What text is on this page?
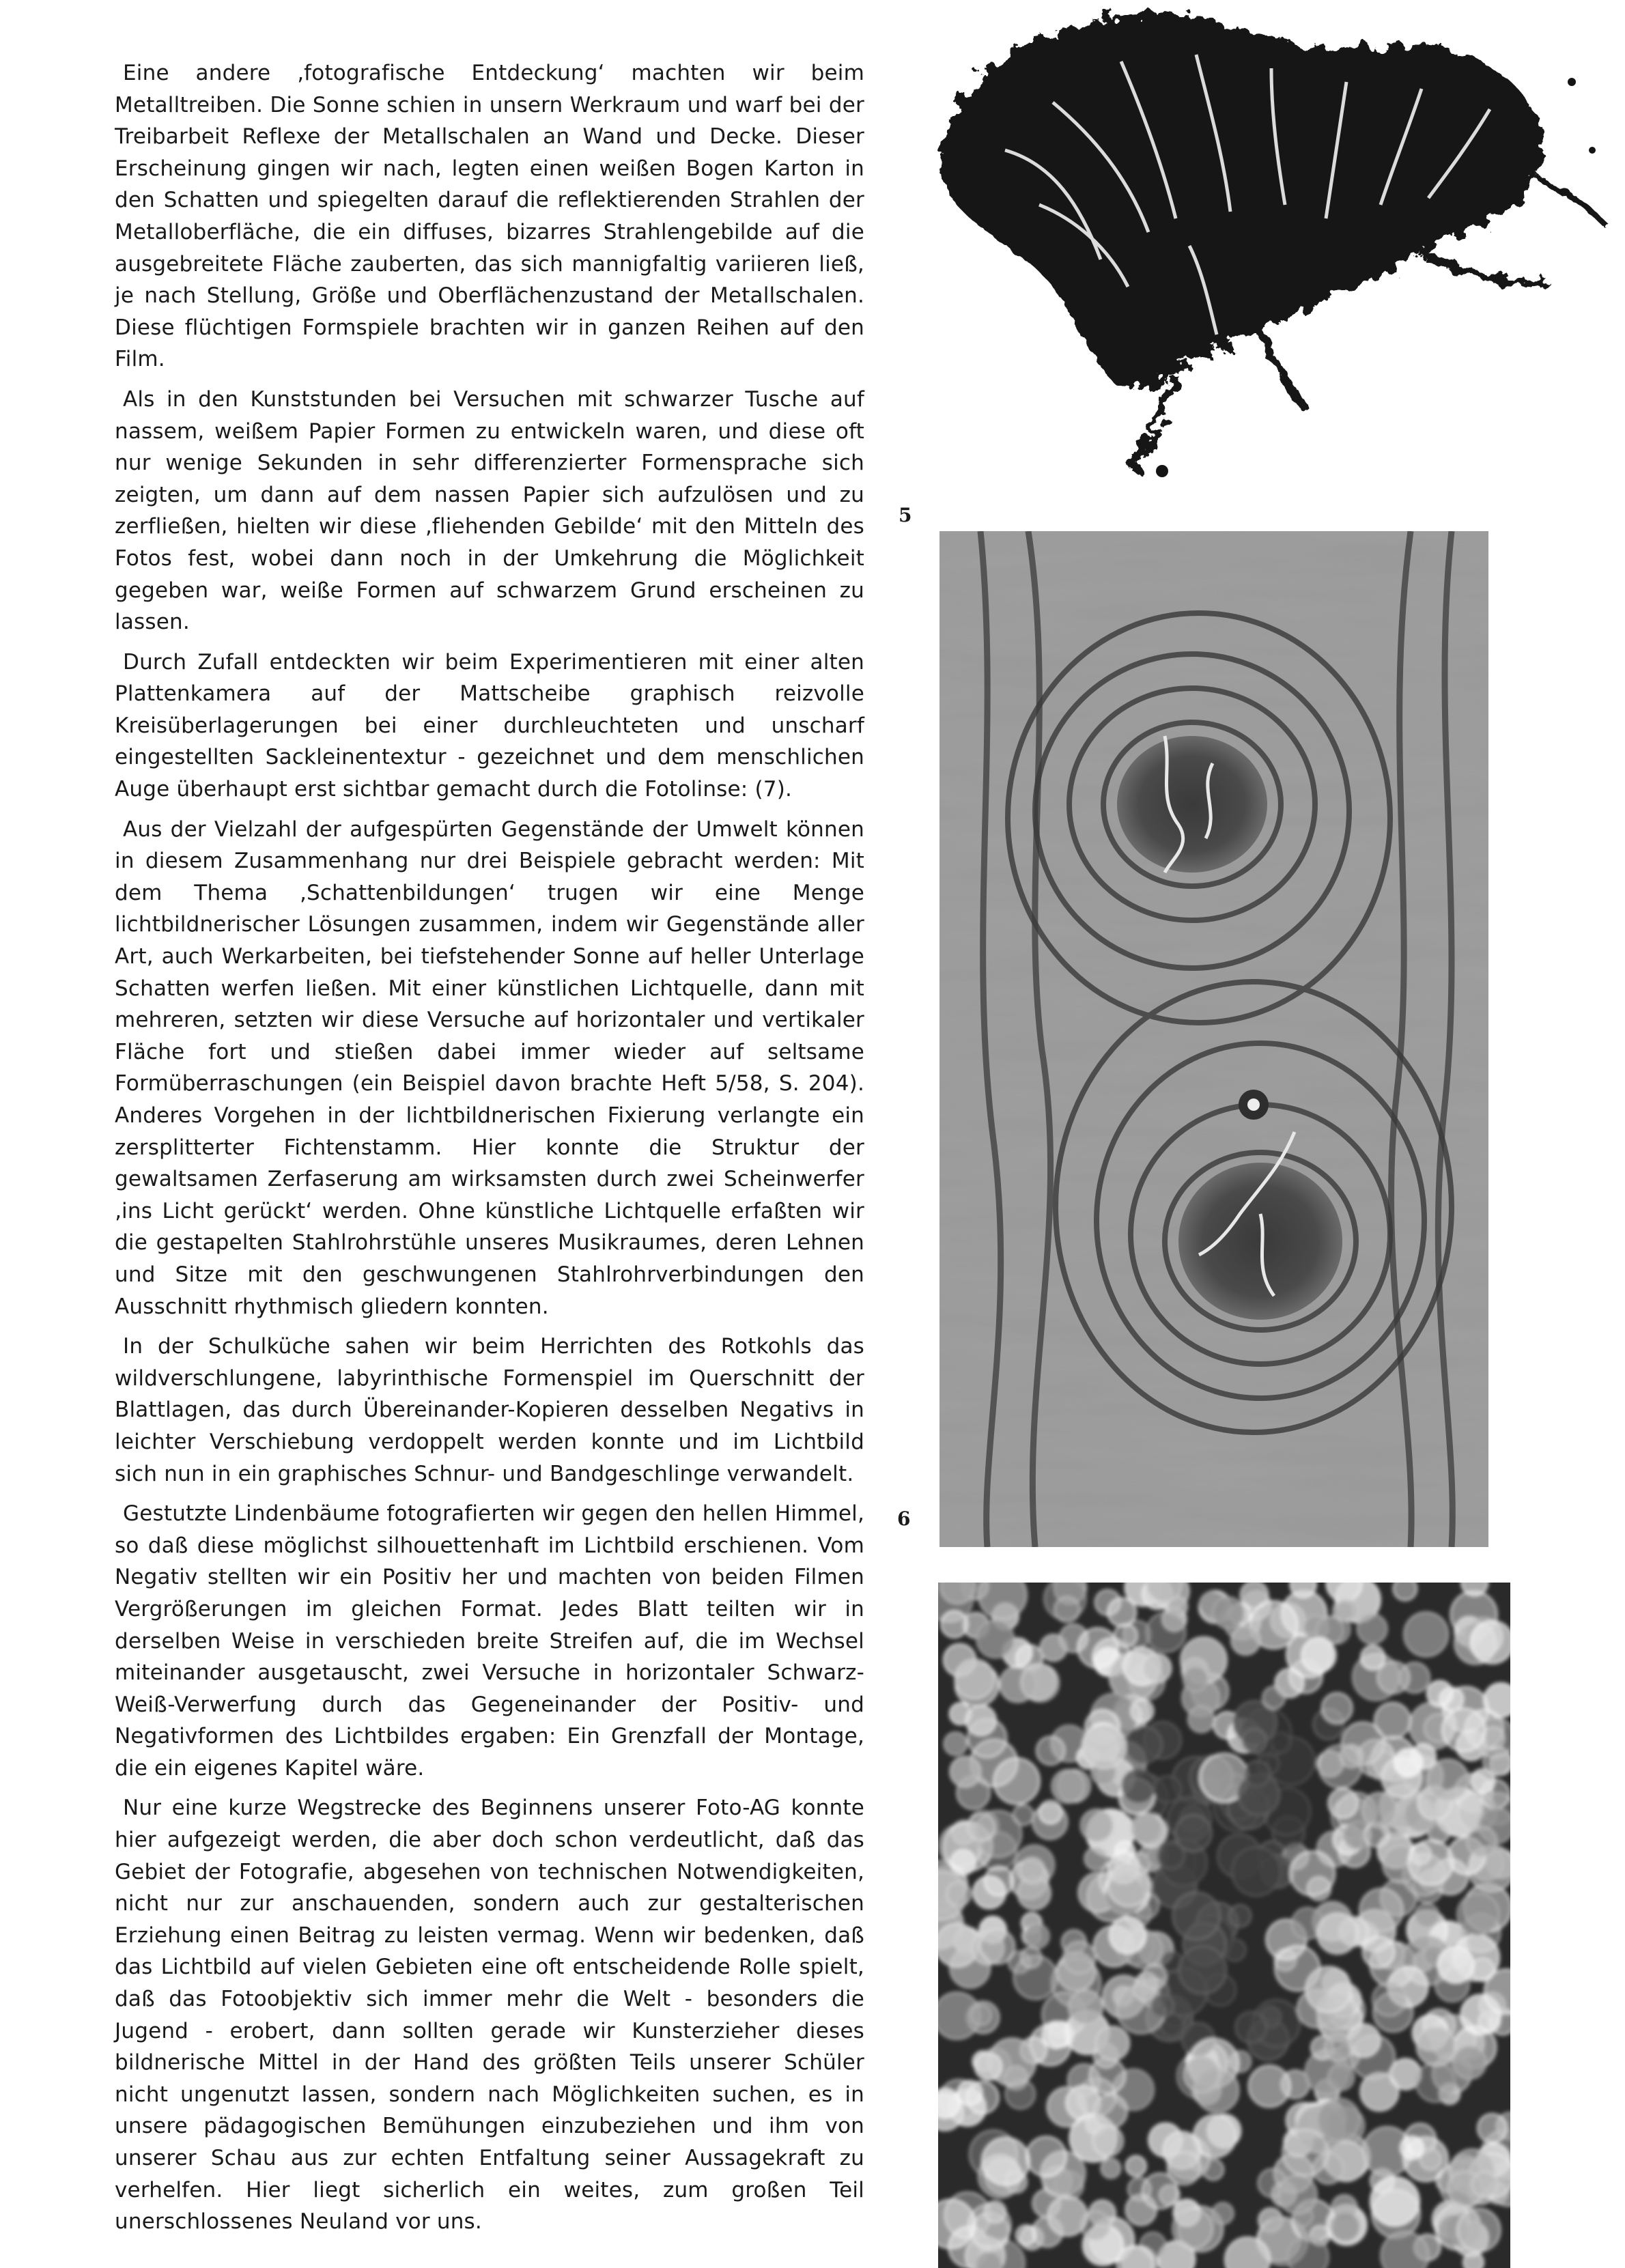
Eine andere ‚fotografische Entdeckung‘ machten wir beim Metalltreiben. Die Sonne schien in unsern Werkraum und warf bei der Treibarbeit Reflexe der Metallschalen an Wand und Decke. Dieser Erscheinung gingen wir nach, legten einen weißen Bogen Karton in den Schatten und spiegelten darauf die reflektierenden Strahlen der Metalloberfläche, die ein diffuses, bizarres Strahlengebilde auf die ausgebreitete Fläche zauberten, das sich mannigfaltig variieren ließ, je nach Stellung, Größe und Oberflächenzustand der Metallschalen. Diese flüchtigen Formspiele brachten wir in ganzen Reihen auf den Film.

Als in den Kunststunden bei Versuchen mit schwarzer Tusche auf nassem, weißem Papier Formen zu entwickeln waren, und diese oft nur wenige Sekunden in sehr differenzierter Formensprache sich zeigten, um dann auf dem nassen Papier sich aufzulösen und zu zerfließen, hielten wir diese ‚fliehenden Gebilde‘ mit den Mitteln des Fotos fest, wobei dann noch in der Umkehrung die Möglichkeit gegeben war, weiße Formen auf schwarzem Grund erscheinen zu lassen.

Durch Zufall entdeckten wir beim Experimentieren mit einer alten Plattenkamera auf der Mattscheibe graphisch reizvolle Kreisüberlagerungen bei einer durchleuchteten und unscharf eingestellten Sackleinentextur - gezeichnet und dem menschlichen Auge überhaupt erst sichtbar gemacht durch die Fotolinse: (7).

Aus der Vielzahl der aufgespürten Gegenstände der Umwelt können in diesem Zusammenhang nur drei Beispiele gebracht werden: Mit dem Thema ‚Schattenbildungen‘ trugen wir eine Menge lichtbildnerischer Lösungen zusammen, indem wir Gegenstände aller Art, auch Werkarbeiten, bei tiefstehender Sonne auf heller Unterlage Schatten werfen ließen. Mit einer künstlichen Lichtquelle, dann mit mehreren, setzten wir diese Versuche auf horizontaler und vertikaler Fläche fort und stießen dabei immer wieder auf seltsame Formüberraschungen (ein Beispiel davon brachte Heft 5/58, S. 204). Anderes Vorgehen in der lichtbildnerischen Fixierung verlangte ein zersplitterter Fichtenstamm. Hier konnte die Struktur der gewaltsamen Zerfaserung am wirksamsten durch zwei Scheinwerfer ‚ins Licht gerückt‘ werden. Ohne künstliche Lichtquelle erfaßten wir die gestapelten Stahlrohrstühle unseres Musikraumes, deren Lehnen und Sitze mit den geschwungenen Stahlrohrverbindungen den Ausschnitt rhythmisch gliedern konnten.

In der Schulküche sahen wir beim Herrichten des Rotkohls das wildverschlungene, labyrinthische Formenspiel im Querschnitt der Blattlagen, das durch Übereinander-Kopieren desselben Negativs in leichter Verschiebung verdoppelt werden konnte und im Lichtbild sich nun in ein graphisches Schnur- und Bandgeschlinge verwandelt.

Gestutzte Lindenbäume fotografierten wir gegen den hellen Himmel, so daß diese möglichst silhouettenhaft im Lichtbild erschienen. Vom Negativ stellten wir ein Positiv her und machten von beiden Filmen Vergrößerungen im gleichen Format. Jedes Blatt teilten wir in derselben Weise in verschieden breite Streifen auf, die im Wechsel miteinander ausgetauscht, zwei Versuche in horizontaler Schwarz-Weiß-Verwerfung durch das Gegeneinander der Positiv- und Negativformen des Lichtbildes ergaben: Ein Grenzfall der Montage, die ein eigenes Kapitel wäre.

Nur eine kurze Wegstrecke des Beginnens unserer Foto-AG konnte hier aufgezeigt werden, die aber doch schon verdeutlicht, daß das Gebiet der Fotografie, abgesehen von technischen Notwendigkeiten, nicht nur zur anschauenden, sondern auch zur gestalterischen Erziehung einen Beitrag zu leisten vermag. Wenn wir bedenken, daß das Lichtbild auf vielen Gebieten eine oft entscheidende Rolle spielt, daß das Fotoobjektiv sich immer mehr die Welt - besonders die Jugend - erobert, dann sollten gerade wir Kunsterzieher dieses bildnerische Mittel in der Hand des größten Teils unserer Schüler nicht ungenutzt lassen, sondern nach Möglichkeiten suchen, es in unsere pädagogischen Bemühungen einzubeziehen und ihm von unserer Schau aus zur echten Entfaltung seiner Aussagekraft zu verhelfen. Hier liegt sicherlich ein weites, zum großen Teil unerschlossenes Neuland vor uns.

5
6
